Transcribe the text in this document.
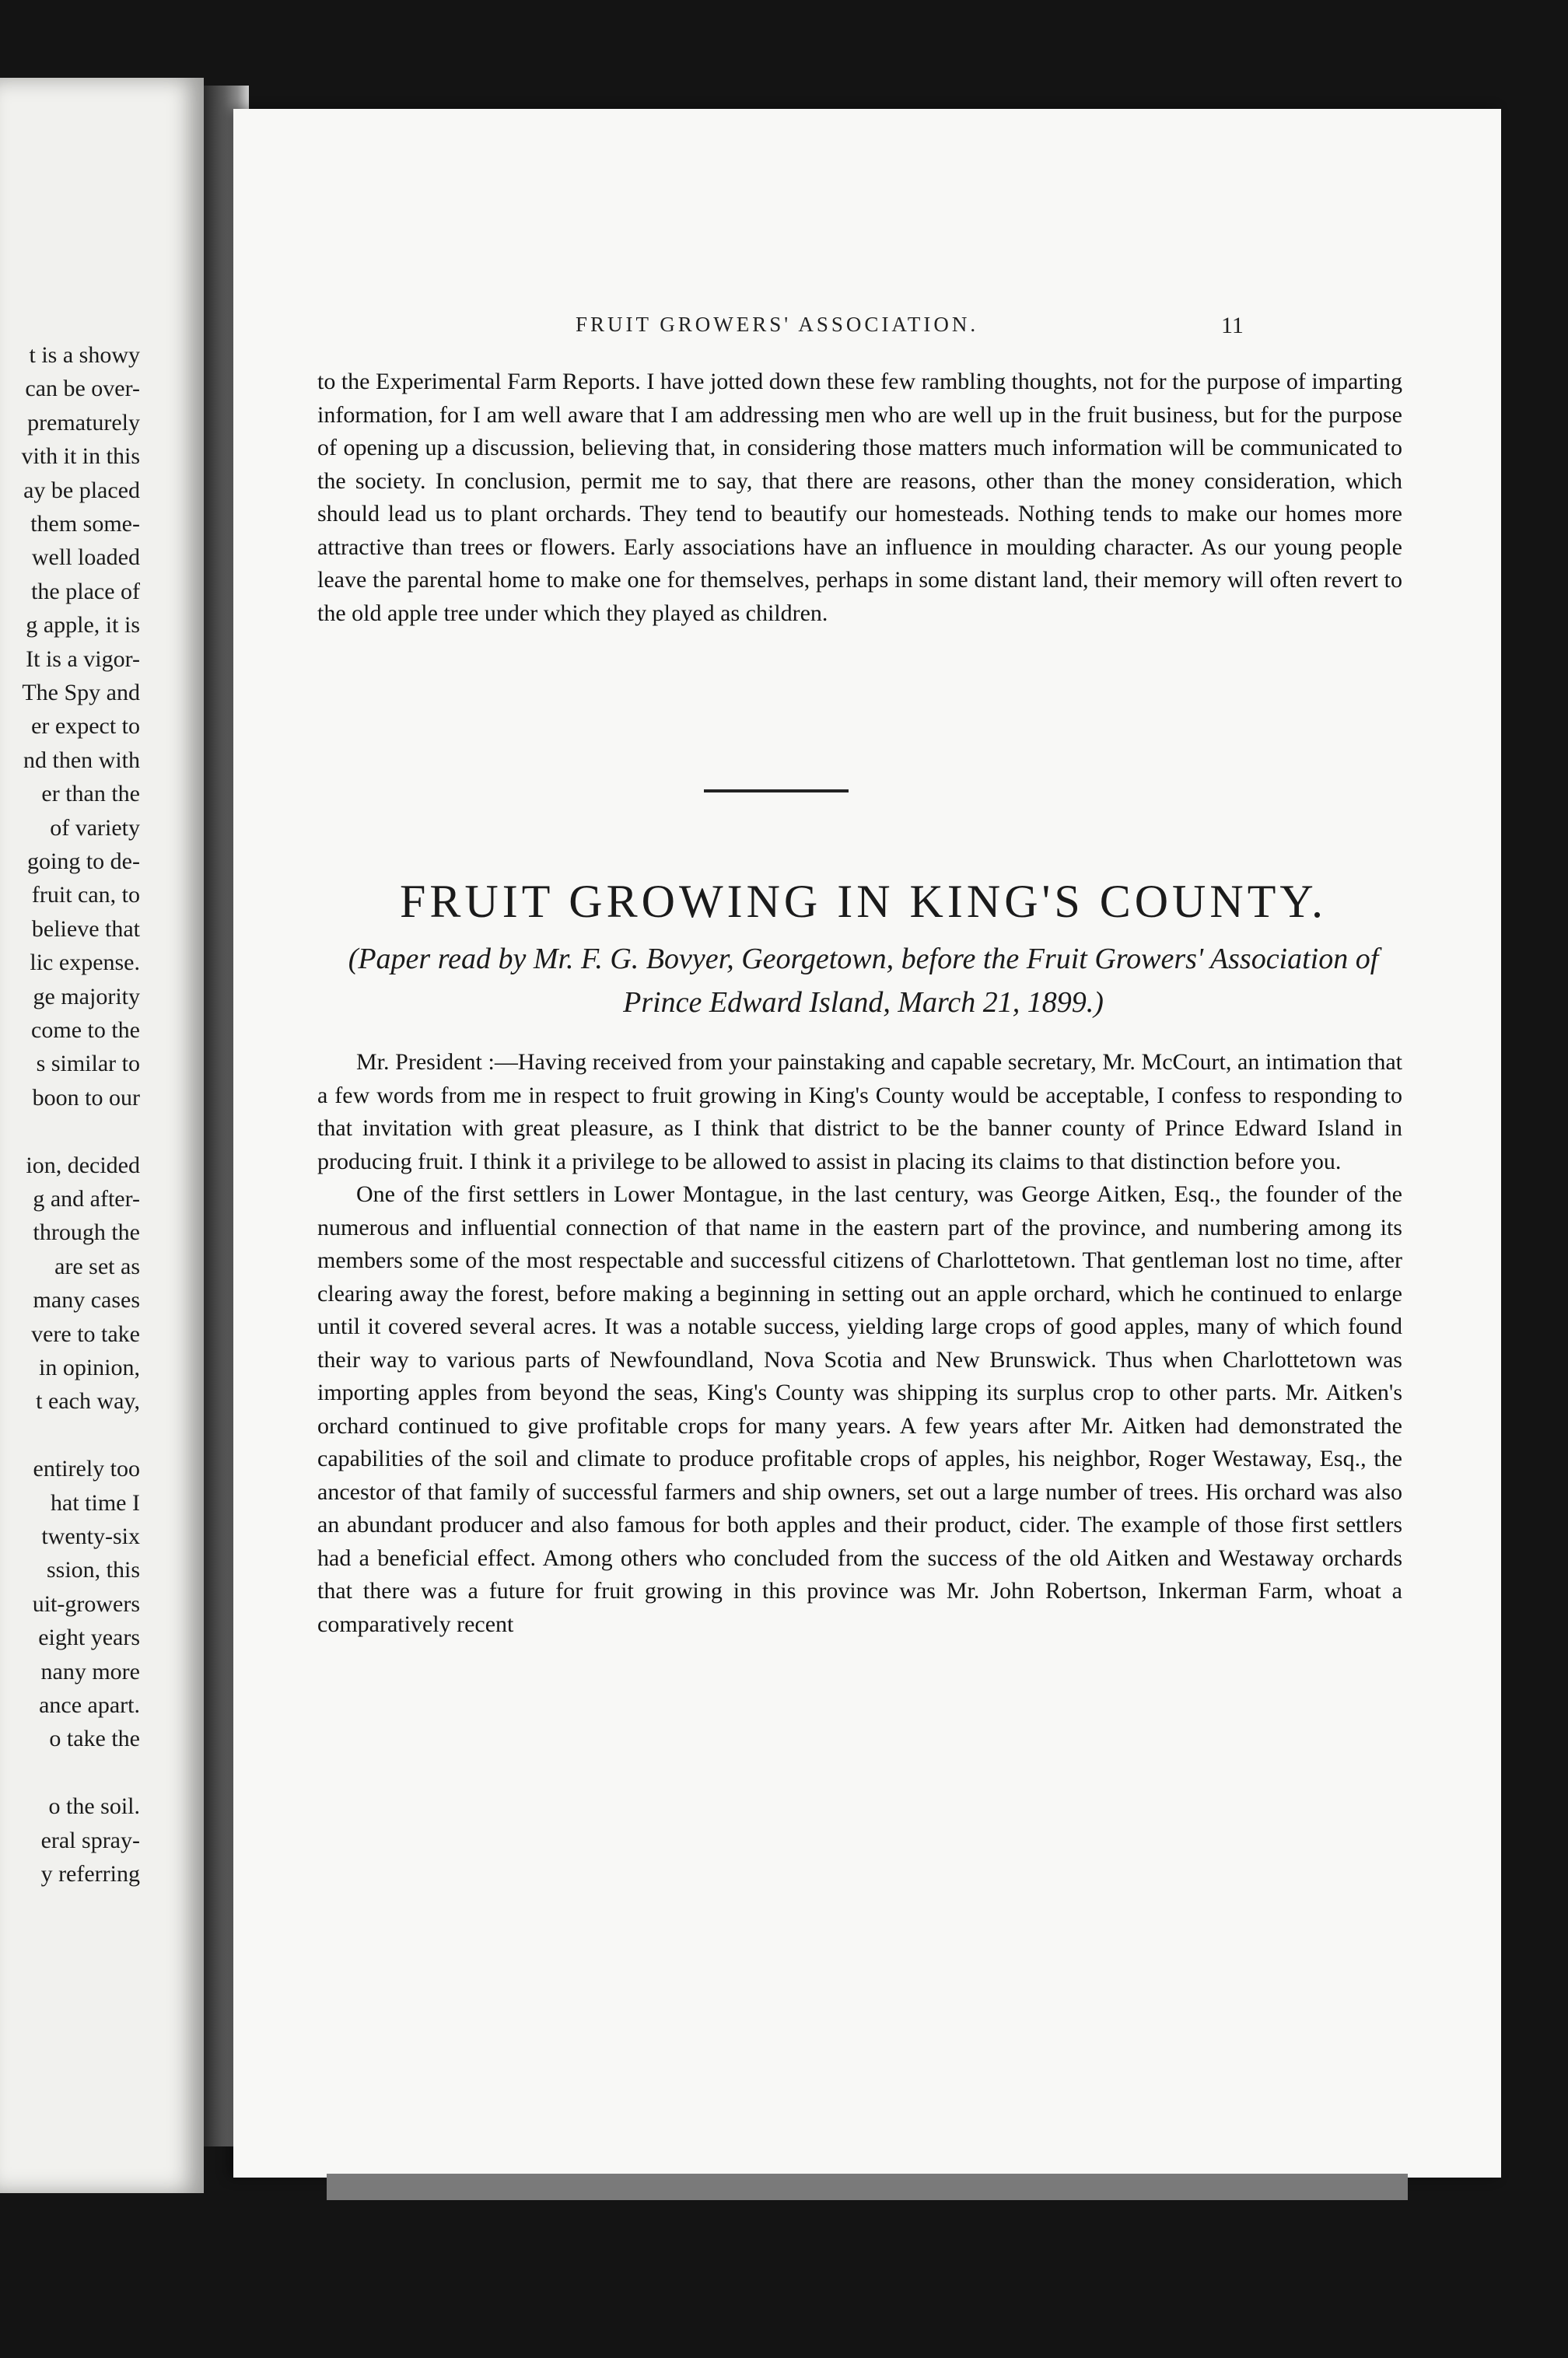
t is a showy
can be over-
prematurely
vith it in this
ay be placed
them some-
well loaded
the place of
g apple, it is
It is a vigor-
The Spy and
er expect to
nd then with
er than the
of variety
going to de-
fruit can, to
believe that
lic expense.
ge majority
come to the
s similar to
boon to our
ion, decided
g and after-
through the
are set as
many cases
vere to take
in opinion,
t each way,
entirely too
hat time I
twenty-six
ssion, this
uit-growers
eight years
nany more
ance apart.
o take the
o the soil.
eral spray-
y referring
FRUIT GROWERS' ASSOCIATION.	11

to the Experimental Farm Reports. I have jotted down these few rambling thoughts, not for the purpose of imparting information, for I am well aware that I am addressing men who are well up in the fruit business, but for the purpose of opening up a discussion, believing that, in considering those matters much information will be communicated to the society. In conclusion, permit me to say, that there are reasons, other than the money consideration, which should lead us to plant orchards. They tend to beautify our homesteads. Nothing tends to make our homes more attractive than trees or flowers. Early associations have an influence in moulding character. As our young people leave the parental home to make one for themselves, perhaps in some distant land, their memory will often revert to the old apple tree under which they played as children.

FRUIT GROWING IN KING'S COUNTY.
(Paper read by Mr. F. G. Bovyer, Georgetown, before the Fruit Growers' Association of Prince Edward Island, March 21, 1899.)

Mr. President :—Having received from your painstaking and capable secretary, Mr. McCourt, an intimation that a few words from me in respect to fruit growing in King's County would be acceptable, I confess to responding to that invitation with great pleasure, as I think that district to be the banner county of Prince Edward Island in producing fruit. I think it a privilege to be allowed to assist in placing its claims to that distinction before you.

One of the first settlers in Lower Montague, in the last century, was George Aitken, Esq., the founder of the numerous and influential connection of that name in the eastern part of the province, and numbering among its members some of the most respectable and successful citizens of Charlottetown. That gentleman lost no time, after clearing away the forest, before making a beginning in setting out an apple orchard, which he continued to enlarge until it covered several acres. It was a notable success, yielding large crops of good apples, many of which found their way to various parts of Newfoundland, Nova Scotia and New Brunswick. Thus when Charlottetown was importing apples from beyond the seas, King's County was shipping its surplus crop to other parts. Mr. Aitken's orchard continued to give profitable crops for many years. A few years after Mr. Aitken had demonstrated the capabilities of the soil and climate to produce profitable crops of apples, his neighbor, Roger Westaway, Esq., the ancestor of that family of successful farmers and ship owners, set out a large number of trees. His orchard was also an abundant producer and also famous for both apples and their product, cider. The example of those first settlers had a beneficial effect. Among others who concluded from the success of the old Aitken and Westaway orchards that there was a future for fruit growing in this province was Mr. John Robertson, Inkerman Farm, whoat a comparatively recent
